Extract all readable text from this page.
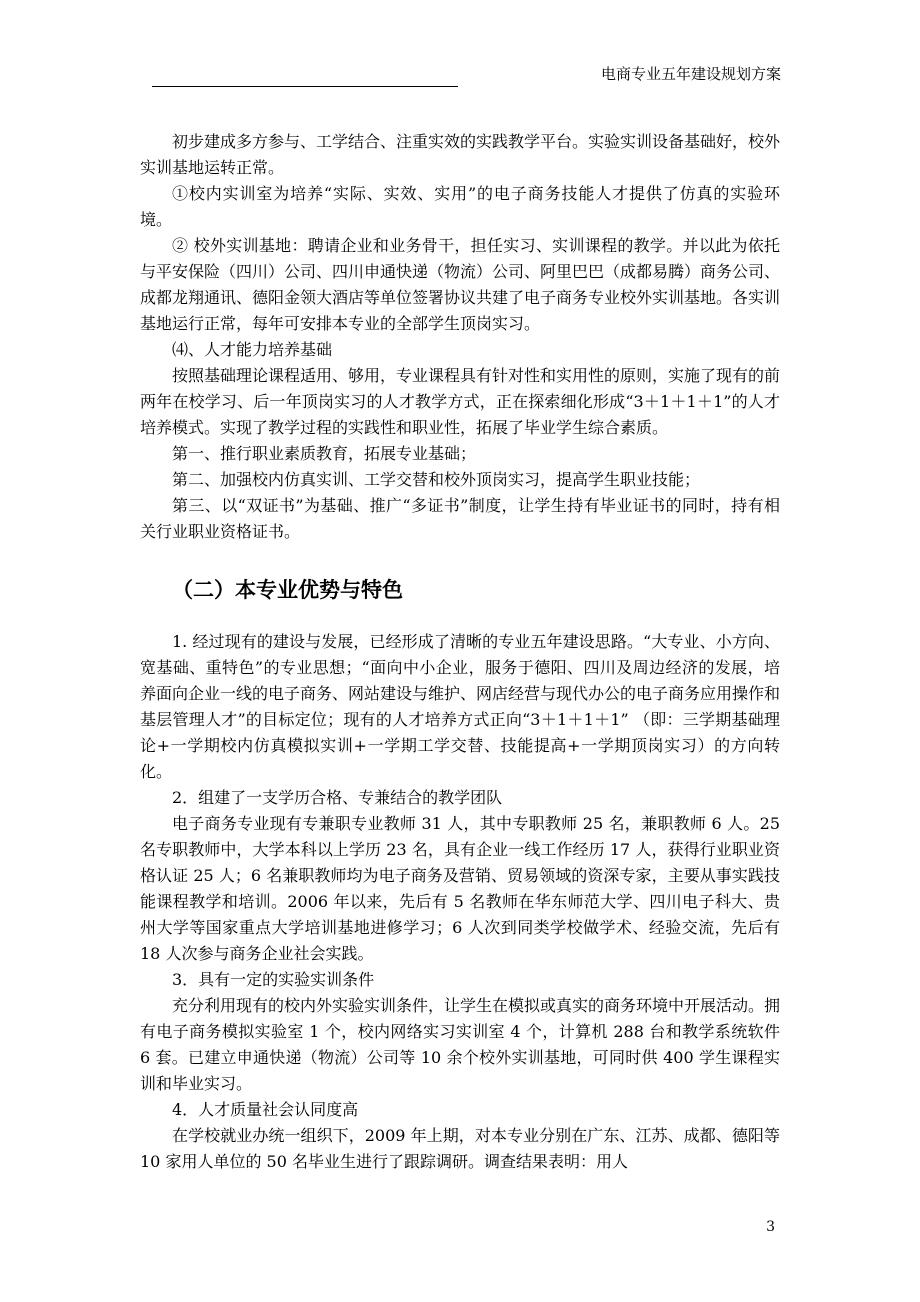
电商专业五年建设规划方案

初步建成多方参与、工学结合、注重实效的实践教学平台。实验实训设备基础好，校外实训基地运转正常。

①校内实训室为培养“实际、实效、实用”的电子商务技能人才提供了仿真的实验环境。

② 校外实训基地：聘请企业和业务骨干，担任实习、实训课程的教学。并以此为依托与平安保险（四川）公司、四川申通快递（物流）公司、阿里巴巴（成都易腾）商务公司、成都龙翔通讯、德阳金领大酒店等单位签署协议共建了电子商务专业校外实训基地。各实训基地运行正常，每年可安排本专业的全部学生顶岗实习。

⑷、人才能力培养基础

按照基础理论课程适用、够用，专业课程具有针对性和实用性的原则，实施了现有的前两年在校学习、后一年顶岗实习的人才教学方式，正在探索细化形成“3＋1＋1＋1”的人才培养模式。实现了教学过程的实践性和职业性，拓展了毕业学生综合素质。

第一、推行职业素质教育，拓展专业基础；

第二、加强校内仿真实训、工学交替和校外顶岗实习，提高学生职业技能；

第三、以“双证书”为基础、推广“多证书”制度，让学生持有毕业证书的同时，持有相关行业职业资格证书。

（二）本专业优势与特色

1. 经过现有的建设与发展，已经形成了清晰的专业五年建设思路。“大专业、小方向、宽基础、重特色”的专业思想；“面向中小企业，服务于德阳、四川及周边经济的发展，培养面向企业一线的电子商务、网站建设与维护、网店经营与现代办公的电子商务应用操作和基层管理人才”的目标定位；现有的人才培养方式正向“3＋1＋1＋1” （即：三学期基础理论+一学期校内仿真模拟实训+一学期工学交替、技能提高+一学期顶岗实习）的方向转化。

2．组建了一支学历合格、专兼结合的教学团队

电子商务专业现有专兼职专业教师 31 人，其中专职教师 25 名，兼职教师 6 人。25 名专职教师中，大学本科以上学历 23 名，具有企业一线工作经历 17 人，获得行业职业资格认证 25 人；6 名兼职教师均为电子商务及营销、贸易领域的资深专家，主要从事实践技能课程教学和培训。2006 年以来，先后有 5 名教师在华东师范大学、四川电子科大、贵州大学等国家重点大学培训基地进修学习；6 人次到同类学校做学术、经验交流，先后有 18 人次参与商务企业社会实践。

3．具有一定的实验实训条件

充分利用现有的校内外实验实训条件，让学生在模拟或真实的商务环境中开展活动。拥有电子商务模拟实验室 1 个，校内网络实习实训室 4 个，计算机 288 台和教学系统软件 6 套。已建立申通快递（物流）公司等 10 余个校外实训基地，可同时供 400 学生课程实训和毕业实习。

4．人才质量社会认同度高

在学校就业办统一组织下，2009 年上期，对本专业分别在广东、江苏、成都、德阳等 10 家用人单位的 50 名毕业生进行了跟踪调研。调查结果表明：用人

3
